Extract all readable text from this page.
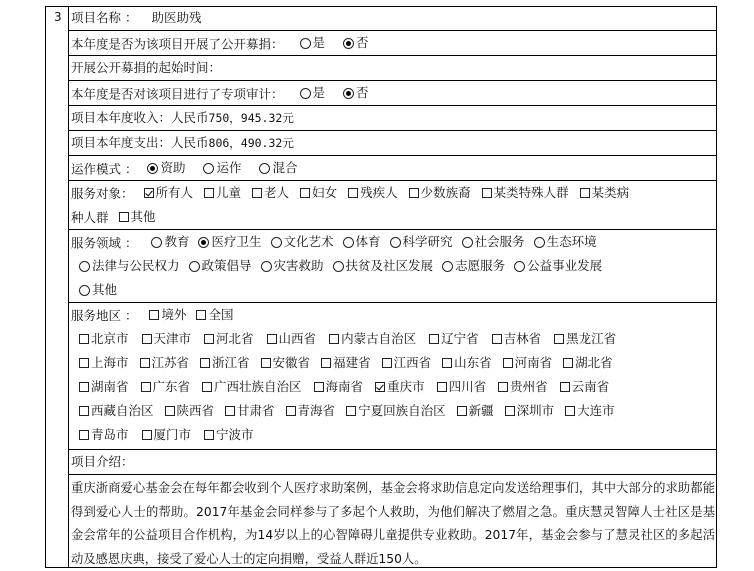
3 项目名称 ： 助医助残
本年度是否为该项目开展了公开募捐： 是
否
开展公开募捐的起始时间：
本年度是否对该项目进行了专项审计： 是
否
项目本年度收入：人民币750，945.32元
项目本年度支出：人民币806，490.32元
运作模式 ： 资助
运作
混合
服务对象： 所有人 儿童 老人 妇女 残疾人 少数族裔 某类特殊人群 某类病
种人群 其他
服务领域 ： 教育 医疗卫生 文化艺术 体育 科学研究 社会服务 生态环境
法律与公民权力 政策倡导 灾害救助 扶贫及社区发展 志愿服务 公益事业发展
其他
服务地区 ： 境外 全国
北京市 天津市 河北省 山西省 内蒙古自治区 辽宁省 吉林省 黑龙江省
上海市 江苏省 浙江省 安徽省 福建省 江西省 山东省 河南省 湖北省
湖南省 广东省 广西壮族自治区 海南省 重庆市 四川省 贵州省 云南省
西藏自治区 陕西省 甘肃省 青海省 宁夏回族自治区 新疆 深圳市 大连市
青岛市 厦门市 宁波市
项目介绍：
重庆浙商爱心基金会在每年都会收到个人医疗求助案例，基金会将求助信息定向发送给理事们，其中大部分的求助都能得到爱心人士的帮助。2017年基金会同样参与了多起个人救助，为他们解决了燃眉之急。重庆慧灵智障人士社区是基金会常年的公益项目合作机构，为14岁以上的心智障碍儿童提供专业救助。2017年，基金会参与了慧灵社区的多起活动及感恩庆典，接受了爱心人士的定向捐赠，受益人群近150人。
